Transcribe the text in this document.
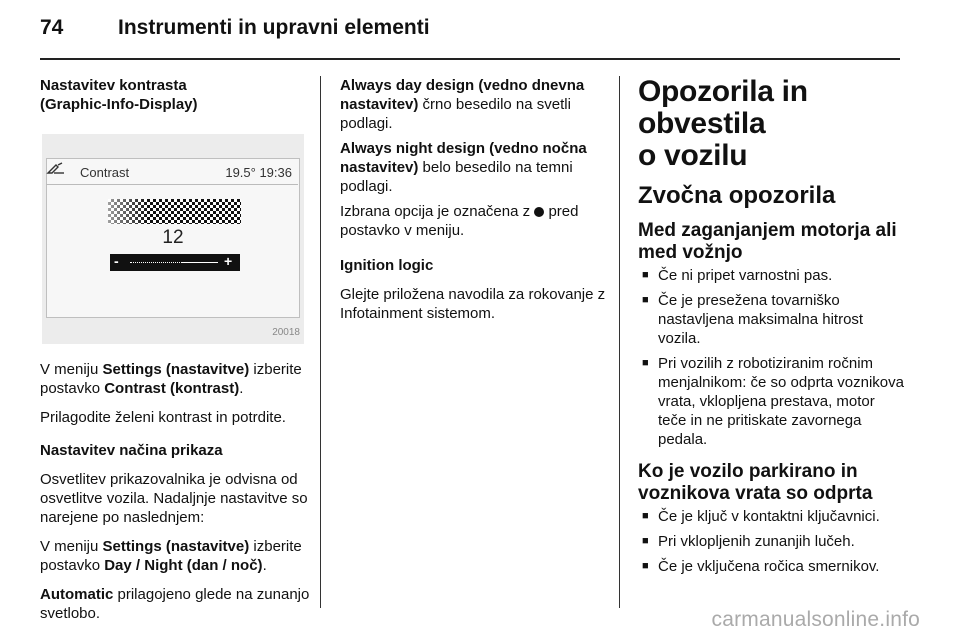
74	Instrumenti in upravni elementi

Nastavitev kontrasta
(Graphic-Info-Display)

Contrast	19.5° 19:36
12
-	+
20018

V meniju Settings (nastavitve) izberite postavko Contrast (kontrast).

Prilagodite želeni kontrast in potrdite.

Nastavitev načina prikaza

Osvetlitev prikazovalnika je odvisna od osvetlitve vozila. Nadaljnje nastavitve so narejene po naslednjem:

V meniju Settings (nastavitve) izberite postavko Day / Night (dan / noč).

Automatic prilagojeno glede na zunanjo svetlobo.

Always day design (vedno dnevna nastavitev) črno besedilo na svetli podlagi.

Always night design (vedno nočna nastavitev) belo besedilo na temni podlagi.

Izbrana opcija je označena z  pred postavko v meniju.

Ignition logic

Glejte priložena navodila za rokovanje z Infotainment sistemom.

Opozorila in obvestila
o vozilu
Zvočna opozorila
Med zaganjanjem motorja ali
med vožnjo
■ Če ni pripet varnostni pas.
■ Če je presežena tovarniško nastavljena maksimalna hitrost vozila.
■ Pri vozilih z robotiziranim ročnim menjalnikom: če so odprta voznikova vrata, vklopljena prestava, motor teče in ne pritiskate zavornega pedala.
Ko je vozilo parkirano in
voznikova vrata so odprta
■ Če je ključ v kontaktni ključavnici.
■ Pri vklopljenih zunanjih lučeh.
■ Če je vključena ročica smernikov.
carmanualsonline.info
